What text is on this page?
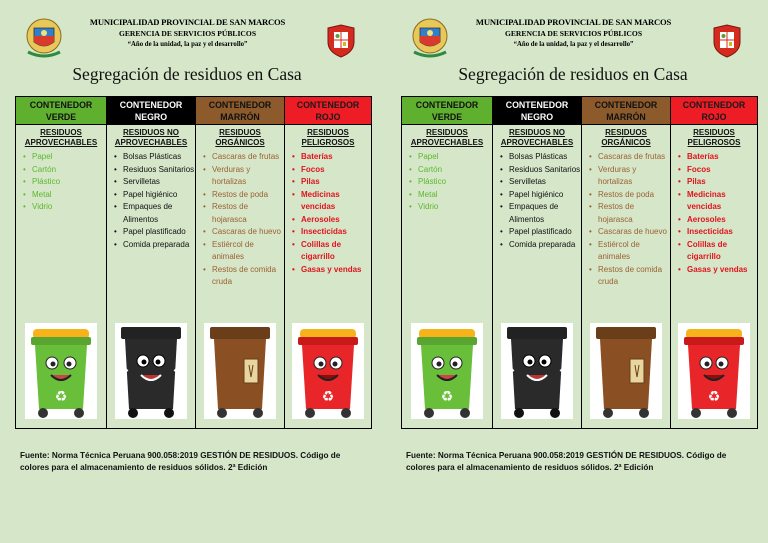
MUNICIPALIDAD PROVINCIAL DE SAN MARCOS
GERENCIA DE SERVICIOS PÚBLICOS
“Año de la unidad, la paz y el desarrollo”
Segregación de residuos en Casa
CONTENEDOR VERDE
RESIDUOS APROVECHABLES
• Papel
• Cartón
• Plástico
• Metal
• Vidrio
♻
CONTENEDOR NEGRO
RESIDUOS NO APROVECHABLES
• Bolsas Plásticas
• Residuos Sanitarios
• Servilletas
• Papel higiénico
• Empaques de Alimentos
• Papel plastificado
• Comida preparada
CONTENEDOR MARRÓN
RESIDUOS ORGÁNICOS
• Cascaras de frutas
• Verduras y hortalizas
• Restos de poda
• Restos de hojarasca
• Cascaras de huevo
• Estiércol de animales
• Restos de comida cruda
CONTENEDOR ROJO
RESIDUOS PELIGROSOS
• Baterías
• Focos
• Pilas
• Medicinas vencidas
• Aerosoles
• Insecticidas
• Colillas de cigarrillo
• Gasas y vendas
♻
Fuente: Norma Técnica Peruana 900.058:2019 GESTIÓN DE RESIDUOS. Código de colores para el almacenamiento de residuos sólidos. 2ª Edición
MUNICIPALIDAD PROVINCIAL DE SAN MARCOS
GERENCIA DE SERVICIOS PÚBLICOS
“Año de la unidad, la paz y el desarrollo”
Segregación de residuos en Casa
CONTENEDOR VERDE
RESIDUOS APROVECHABLES
• Papel
• Cartón
• Plástico
• Metal
• Vidrio
♻
CONTENEDOR NEGRO
RESIDUOS NO APROVECHABLES
• Bolsas Plásticas
• Residuos Sanitarios
• Servilletas
• Papel higiénico
• Empaques de Alimentos
• Papel plastificado
• Comida preparada
CONTENEDOR MARRÓN
RESIDUOS ORGÁNICOS
• Cascaras de frutas
• Verduras y hortalizas
• Restos de poda
• Restos de hojarasca
• Cascaras de huevo
• Estiércol de animales
• Restos de comida cruda
CONTENEDOR ROJO
RESIDUOS PELIGROSOS
• Baterías
• Focos
• Pilas
• Medicinas vencidas
• Aerosoles
• Insecticidas
• Colillas de cigarrillo
• Gasas y vendas
♻
Fuente: Norma Técnica Peruana 900.058:2019 GESTIÓN DE RESIDUOS. Código de colores para el almacenamiento de residuos sólidos. 2ª Edición
